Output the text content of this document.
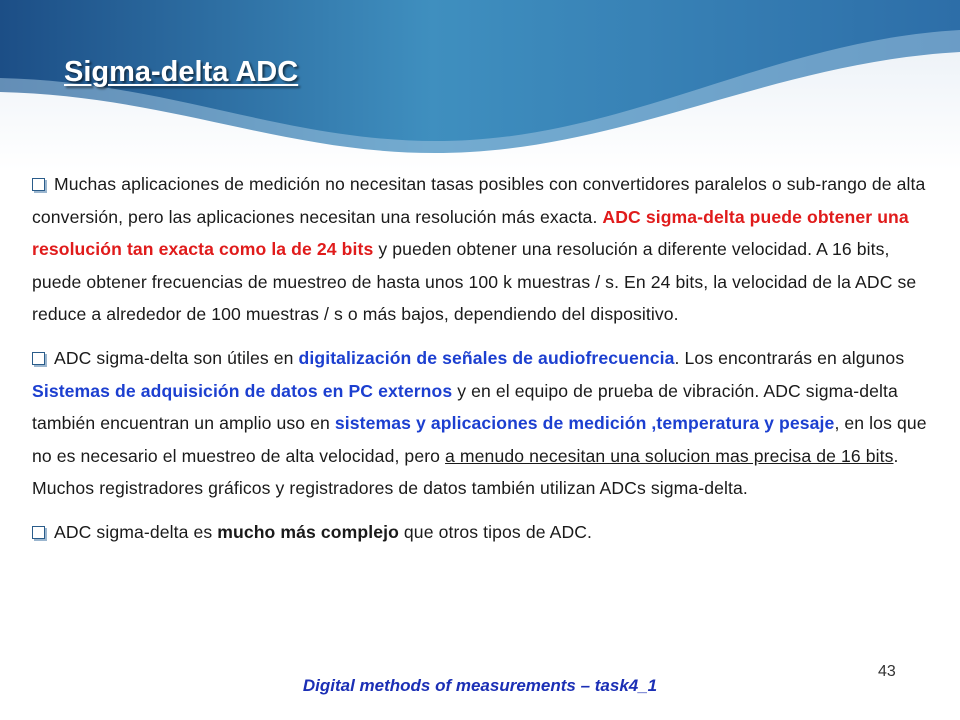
Sigma-delta ADC

Muchas aplicaciones de medición no necesitan tasas posibles con convertidores paralelos o sub-rango de alta conversión, pero las aplicaciones necesitan una resolución más exacta. ADC sigma-delta puede obtener una resolución tan exacta como la de 24 bits y pueden obtener una resolución a diferente velocidad. A 16 bits, puede obtener frecuencias de muestreo de hasta unos 100 k muestras / s. En 24 bits, la velocidad de la ADC se reduce a alrededor de 100 muestras / s o más bajos, dependiendo del dispositivo.

ADC sigma-delta son útiles en digitalización de señales de audiofrecuencia. Los encontrarás en algunos Sistemas de adquisición de datos en PC externos y en el equipo de prueba de vibración. ADC sigma-delta también encuentran un amplio uso en sistemas y aplicaciones de medición ,temperatura y pesaje, en los que no es necesario el muestreo de alta velocidad, pero a menudo necesitan una solucion mas precisa de 16 bits. Muchos registradores gráficos y registradores de datos también utilizan ADCs sigma-delta.

ADC sigma-delta es mucho más complejo que otros tipos de ADC.

Digital methods of measurements – task4_1
43
